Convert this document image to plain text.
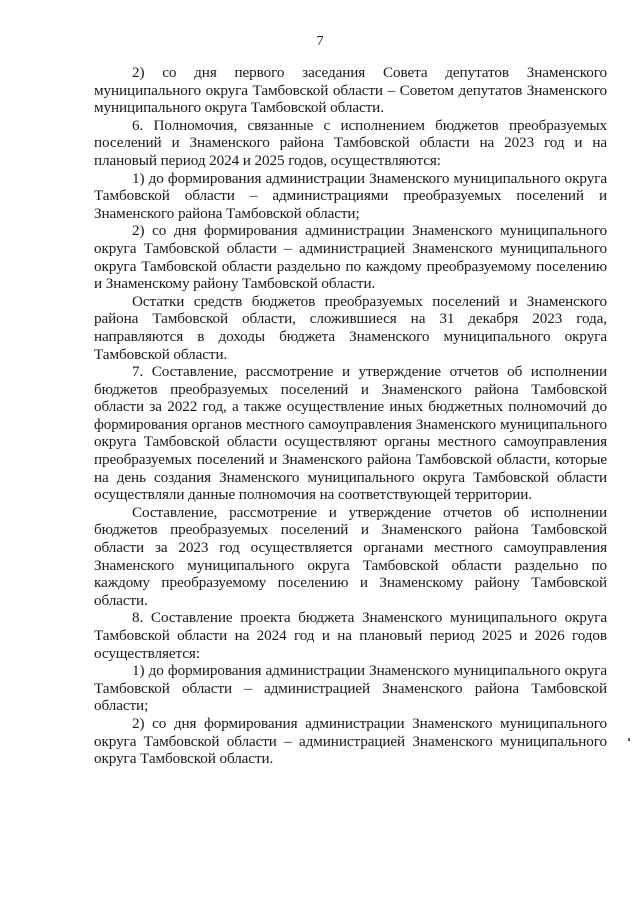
7

2) со дня первого заседания Совета депутатов Знаменского муниципального округа Тамбовской области – Советом депутатов Знаменского муниципального округа Тамбовской области.

6. Полномочия, связанные с исполнением бюджетов преобразуемых поселений и Знаменского района Тамбовской области на 2023 год и на плановый период 2024 и 2025 годов, осуществляются:

1) до формирования администрации Знаменского муниципального округа Тамбовской области – администрациями преобразуемых поселений и Знаменского района Тамбовской области;

2) со дня формирования администрации Знаменского муниципального округа Тамбовской области – администрацией Знаменского муниципального округа Тамбовской области раздельно по каждому преобразуемому поселению и Знаменскому району Тамбовской области.

Остатки средств бюджетов преобразуемых поселений и Знаменского района Тамбовской области, сложившиеся на 31 декабря 2023 года, направляются в доходы бюджета Знаменского муниципального округа Тамбовской области.

7. Составление, рассмотрение и утверждение отчетов об исполнении бюджетов преобразуемых поселений и Знаменского района Тамбовской области за 2022 год, а также осуществление иных бюджетных полномочий до формирования органов местного самоуправления Знаменского муниципального округа Тамбовской области осуществляют органы местного самоуправления преобразуемых поселений и Знаменского района Тамбовской области, которые на день создания Знаменского муниципального округа Тамбовской области осуществляли данные полномочия на соответствующей территории.

Составление, рассмотрение и утверждение отчетов об исполнении бюджетов преобразуемых поселений и Знаменского района Тамбовской области за 2023 год осуществляется органами местного самоуправления Знаменского муниципального округа Тамбовской области раздельно по каждому преобразуемому поселению и Знаменскому району Тамбовской области.

8. Составление проекта бюджета Знаменского муниципального округа Тамбовской области на 2024 год и на плановый период 2025 и 2026 годов осуществляется:

1) до формирования администрации Знаменского муниципального округа Тамбовской области – администрацией Знаменского района Тамбовской области;

2) со дня формирования администрации Знаменского муниципального округа Тамбовской области – администрацией Знаменского муниципального округа Тамбовской области.
